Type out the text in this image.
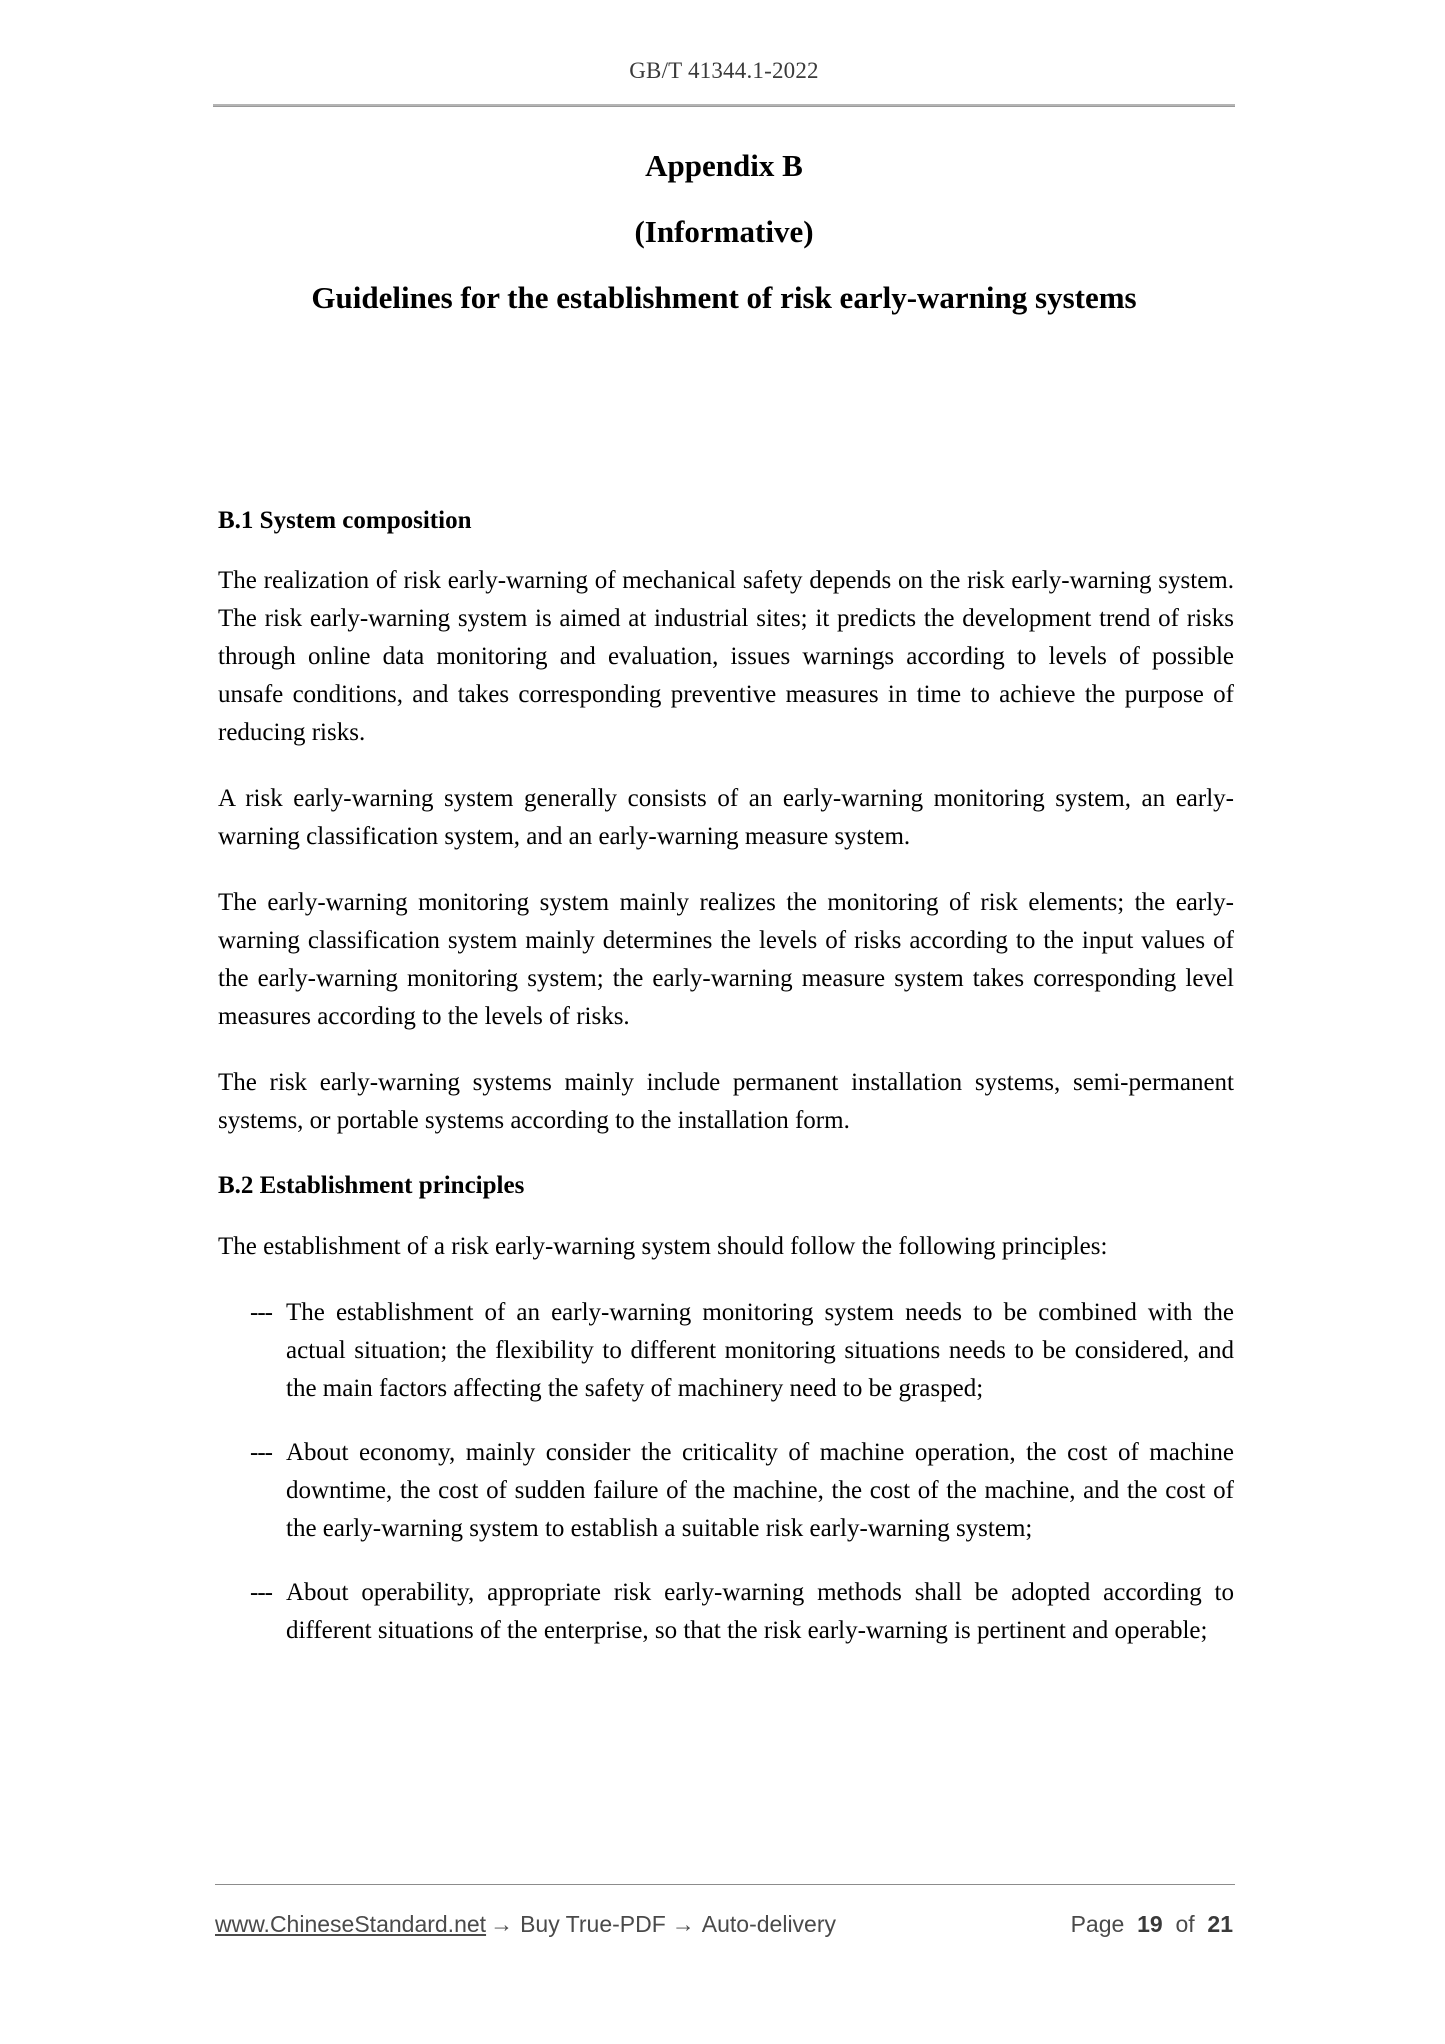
GB/T 41344.1-2022
Appendix B
(Informative)
Guidelines for the establishment of risk early-warning systems
B.1 System composition

The realization of risk early-warning of mechanical safety depends on the risk early-warning system. The risk early-warning system is aimed at industrial sites; it predicts the development trend of risks through online data monitoring and evaluation, issues warnings according to levels of possible unsafe conditions, and takes corresponding preventive measures in time to achieve the purpose of reducing risks.

A risk early-warning system generally consists of an early-warning monitoring system, an early-warning classification system, and an early-warning measure system.

The early-warning monitoring system mainly realizes the monitoring of risk elements; the early-warning classification system mainly determines the levels of risks according to the input values of the early-warning monitoring system; the early-warning measure system takes corresponding level measures according to the levels of risks.

The risk early-warning systems mainly include permanent installation systems, semi-permanent systems, or portable systems according to the installation form.

B.2 Establishment principles

The establishment of a risk early-warning system should follow the following principles:

--- The establishment of an early-warning monitoring system needs to be combined with the actual situation; the flexibility to different monitoring situations needs to be considered, and the main factors affecting the safety of machinery need to be grasped;
--- About economy, mainly consider the criticality of machine operation, the cost of machine downtime, the cost of sudden failure of the machine, the cost of the machine, and the cost of the early-warning system to establish a suitable risk early-warning system;
--- About operability, appropriate risk early-warning methods shall be adopted according to different situations of the enterprise, so that the risk early-warning is pertinent and operable;
www.ChineseStandard.net → Buy True-PDF → Auto-delivery	Page 19 of 21
